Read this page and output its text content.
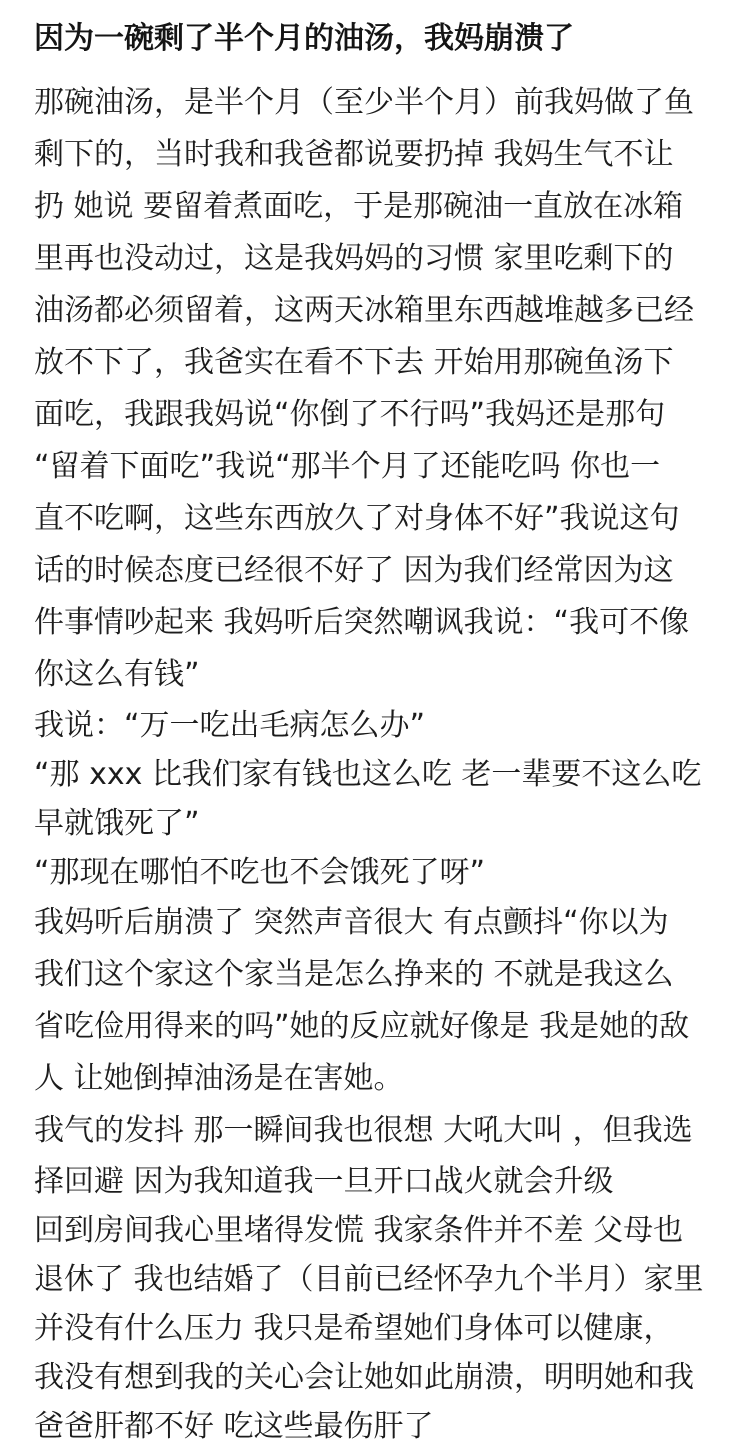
因为一碗剩了半个月的油汤，我妈崩溃了
那碗油汤，是半个月（至少半个月）前我妈做了鱼
剩下的，当时我和我爸都说要扔掉 我妈生气不让
扔 她说 要留着煮面吃，于是那碗油一直放在冰箱
里再也没动过，这是我妈妈的习惯 家里吃剩下的
油汤都必须留着，这两天冰箱里东西越堆越多已经
放不下了，我爸实在看不下去 开始用那碗鱼汤下
面吃，我跟我妈说“你倒了不行吗”我妈还是那句
“留着下面吃”我说“那半个月了还能吃吗 你也一
直不吃啊，这些东西放久了对身体不好”我说这句
话的时候态度已经很不好了 因为我们经常因为这
件事情吵起来 我妈听后突然嘲讽我说：“我可不像
你这么有钱”
我说：“万一吃出毛病怎么办”
“那 xxx 比我们家有钱也这么吃 老一辈要不这么吃
早就饿死了”
“那现在哪怕不吃也不会饿死了呀”
我妈听后崩溃了 突然声音很大 有点颤抖“你以为
我们这个家这个家当是怎么挣来的 不就是我这么
省吃俭用得来的吗”她的反应就好像是 我是她的敌
人 让她倒掉油汤是在害她。
我气的发抖 那一瞬间我也很想 大吼大叫 ，但我选
择回避 因为我知道我一旦开口战火就会升级
回到房间我心里堵得发慌 我家条件并不差 父母也
退休了 我也结婚了（目前已经怀孕九个半月）家里
并没有什么压力 我只是希望她们身体可以健康，
我没有想到我的关心会让她如此崩溃，明明她和我
爸爸肝都不好 吃这些最伤肝了
